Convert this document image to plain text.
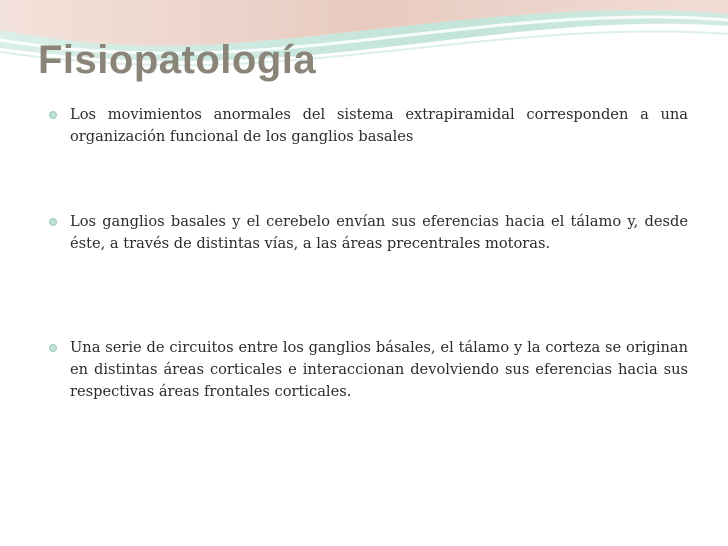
Fisiopatología
Los movimientos anormales del sistema extrapiramidal corresponden a una organización funcional de los ganglios basales
Los ganglios basales y el cerebelo envían sus eferencias hacia el tálamo y, desde éste, a través de distintas vías, a las áreas precentrales motoras.
Una serie de circuitos entre los ganglios básales, el tálamo y la corteza se originan en distintas áreas corticales e interaccionan devolviendo sus eferencias hacia sus respectivas áreas frontales corticales.
